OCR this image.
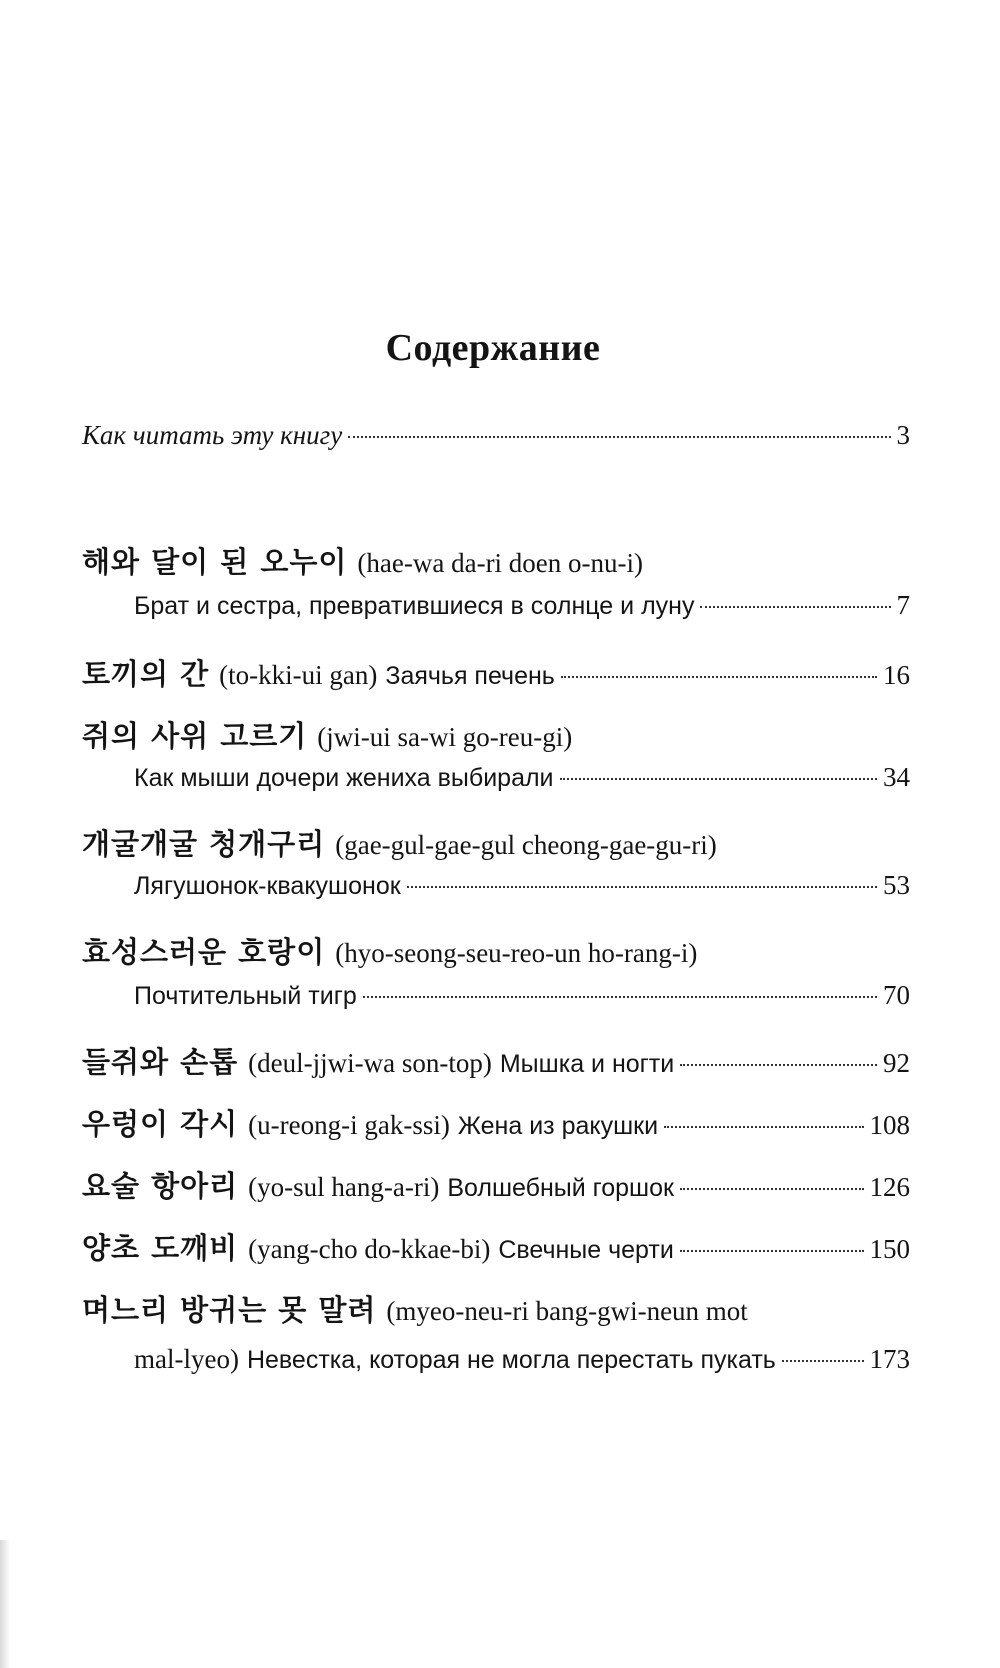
Содержание
Как читать эту книгу	3
해와 달이 된 오누이 (hae-wa da-ri doen o-nu-i)
Брат и сестра, превратившиеся в солнце и луну	7
토끼의 간 (to-kki-ui gan) Заячья печень	16
쥐의 사위 고르기 (jwi-ui sa-wi go-reu-gi)
Как мыши дочери жениха выбирали	34
개굴개굴 청개구리 (gae-gul-gae-gul cheong-gae-gu-ri)
Лягушонок-квакушонок	53
효성스러운 호랑이 (hyo-seong-seu-reo-un ho-rang-i)
Почтительный тигр	70
들쥐와 손톱 (deul-jjwi-wa son-top) Мышка и ногти	92
우렁이 각시 (u-reong-i gak-ssi) Жена из ракушки	108
요술 항아리 (yo-sul hang-a-ri) Волшебный горшок	126
양초 도깨비 (yang-cho do-kkae-bi) Свечные черти	150
며느리 방귀는 못 말려 (myeo-neu-ri bang-gwi-neun mot
mal-lyeo) Невестка, которая не могла перестать пукать	173
